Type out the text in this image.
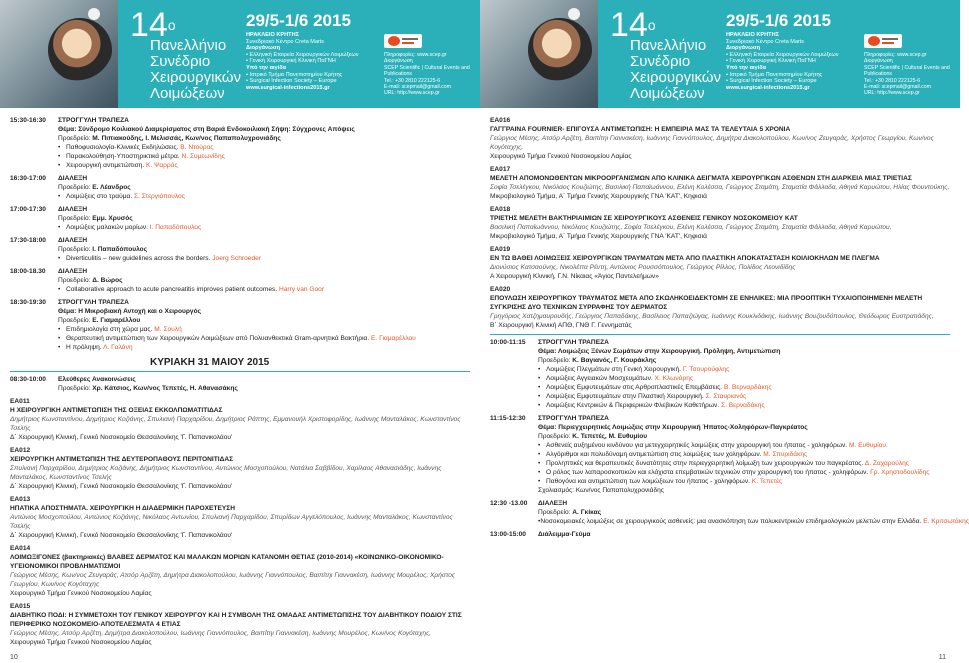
$14^o$
Πανελλήνιο
Συνέδριο
Χειρουργικών
Λοιμώξεων
29/5-1/6 2015
ΗΡΑΚΛΕΙΟ ΚΡΗΤΗΣ
Συνεδριακό Κέντρο Creta Maris
Διοργάνωση
• Ελληνική Εταιρεία Χειρουργικών Λοιμώξεων
• Γενική Χειρουργική Κλινική ΠαΓΝΗ
Υπό την αιγίδα
• Ιατρικό Τμήμα Πανεπιστημίου Κρήτης
• Surgical Infection Society – Europe
www.surgical-infections2015.gr
Πληροφορίες: www.scep.gr
Διοργάνωση
SCEP Scientific | Cultural Events and Publications
Tel.: +30 2810 222125-6
E-mail: scepmail@gmail.com
URL: http://www.scep.gr
15:30-16:30 ΣΤΡΟΓΓΥΛΗ ΤΡΑΠΕΖΑ
Θέμα: Σύνδρομο Κοιλιακού Διαμερίσματος στη Βαριά Ενδοκοιλιακή Σήψη: Σύγχρονες Απόψεις
Προεδρείο: Μ. Πιπιακούδης, Ι. Μελισσάς, Κων/νος Παπαπολυχρονιάδης
• Παθοφυσιολογία-Κλινικές Εκδηλώσεις. Β. Ντούρος
• Παρακολούθηση-Υποστηρικτικά μέτρα. Ν. Συμεωνίδης
• Χειρουργική αντιμετώπιση. Κ. Ψαρράς
16:30-17:00 ΔΙΑΛΕΞΗ
Προεδρείο: Ε. Λέανδρος
• Λοιμώξεις στο τραύμα. Σ. Στεργιόπουλος
17:00-17:30 ΔΙΑΛΕΞΗ
Προεδρείο: Εμμ. Χρυσός
• Λοιμώξεις μαλακών μορίων. Ι. Παπαδόπουλος
17:30-18:00 ΔΙΑΛΕΞΗ
Προεδρείο: Ι. Παπαδόπουλος
• Diverticulitis – new guidelines across the borders. Joerg Schroeder
18:00-18.30 ΔΙΑΛΕΞΗ
Προεδρείο: Δ. Βώρος
• Collaborative approach to acute pancreatitis improves patient outcomes. Harry van Goor
18:30-19:30 ΣΤΡΟΓΓΥΛΗ ΤΡΑΠΕΖΑ
Θέμα: Η Μικροβιακή Αντοχή και ο Χειρουργός
Προεδρείο: Ε. Γιαμαρέλλου
• Επιδημιολογία στη χώρα μας. Μ. Σουλή
• Θεραπευτική αντιμετώπιση των Χειρουργικών Λοιμώξεων από Πολυανθεκτικά Gram-αρνητικά Βακτήρια. Ε. Γιαμαρέλλου
• Η πρόληψη. Λ. Γαλάνη
ΚΥΡΙΑΚΗ 31 ΜΑΙΟΥ 2015
08:30-10:00 Ελεύθερες Ανακοινώσεις
Προεδρείο: Χρ. Κάτσιος, Κων/νος Τεπετές, Η. Αθανασάκης
ΕΑ011
Η ΧΕΙΡΟΥΡΓΙΚΗ ΑΝΤΙΜΕΤΩΠΙΣΗ ΤΗΣ ΟΞΕΙΑΣ ΕΚΚΟΛΠΩΜΑΤΙΤΙΔΑΣ
Δημήτριος Κωνσταντίνου, Δημήτριος Κοζιάνης, Σπυλιανή Παρχαρίδου, Δημήτριος Ράπτης, Εμμανουήλ Χριστοφορίδης, Ιωάννης Μανταλάκος, Κωνσταντίνος Τσελής
Δ΄ Χειρουργική Κλινική, Γενικό Νοσοκομείο Θεσσαλονίκης 'Γ. Παπανικολάου'
ΕΑ012
ΧΕΙΡΟΥΡΓΙΚΗ ΑΝΤΙΜΕΤΩΠΙΣΗ ΤΗΣ ΔΕΥΤΕΡΟΠΑΘΟΥΣ ΠΕΡΙΤΟΝΙΤΙΔΑΣ
Σπυλιανή Παρχαρίδου, Δημήτριος Κοζιάνης, Δημήτριος Κωνσταντίνου, Αντώνιος Μοσχοπούλου, Νατάλια Σαββίδου, Χαρίλαος Αθανασιάδης, Ιωάννης Μανταλάκος, Κωνσταντίνος Τσελής
Δ΄ Χειρουργική Κλινική, Γενικό Νοσοκομείο Θεσσαλονίκης 'Γ. Παπανικολάου'
ΕΑ013
ΗΠΑΤΙΚΑ ΑΠΟΣΤΗΜΑΤΑ. ΧΕΙΡΟΥΡΓΙΚΗ Η ΔΙΑΔΕΡΜΙΚΗ ΠΑΡΟΧΕΤΕΥΣΗ
Αντώνιος Μοσχοπούλου, Αντώνιος Κοζιάνης, Νικόλαος Αντωνίου, Σπυλιανή Παρχαρίδου, Σπυρίδων Αγγελόπουλος, Ιωάννης Μανταλάκος, Κωνσταντίνος Τσελής
Δ΄ Χειρουργική Κλινική, Γενικό Νοσοκομείο Θεσσαλονίκης 'Γ. Παπανικολάου'
ΕΑ014
ΛΟΙΜΩΞΙΓΟΝΕΣ (βακτηριακές) ΒΛΑΒΕΣ ΔΕΡΜΑΤΟΣ ΚΑΙ ΜΑΛΑΚΩΝ ΜΟΡΙΩΝ ΚΑΤΑΝΟΜΗ ΘΕΤΙΑΣ (2010-2014) «ΚΟΙΝΩΝΙΚΟ-ΟΙΚΟΝΟΜΙΚΟ-ΥΓΕΙΟΝΟΜΙΚΟΙ ΠΡΟΒΛΗΜΑΤΙΣΜΟΙ
Γεώργιος Μέσης, Κων/νος Ζευγαράς, Ατσόρ Αρζέτη, Δημήτρα Διακολοπούλου, Ιωάννης Γιαννόπουλος, Βαιπίτηι Γιαννακέση, Ιωάννης Μουρέλος, Χρήστος Γεωργίου, Κων/νος Κογόταχης
Χειρουργικό Τμήμα Γενικού Νοσοκομείου Λαμίας
ΕΑ015
ΔΙΑΒΗΤΙΚΟ ΠΟΔΙ: Η ΣΥΜΜΕΤΟΧΗ ΤΟΥ ΓΕΝΙΚΟΥ ΧΕΙΡΟΥΡΓΟΥ ΚΑΙ Η ΣΥΜΒΟΛΗ ΤΗΣ ΟΜΑΔΑΣ ΑΝΤΙΜΕΤΩΠΙΣΗΣ ΤΟΥ ΔΙΑΒΗΤΙΚΟΥ ΠΟΔΙΟΥ ΣΤΙΣ ΠΕΡΙΦΕΡΙΚΟ ΝΟΣΟΚΟΜΕΙΟ-ΑΠΟΤΕΛΕΣΜΑΤΑ 4 ΕΤΙΑΣ
Γεώργιος Μέσης, Ατσόρ Αρζέτη, Δημήτρα Διακολοπούλου, Ιωάννης Γιαννόπουλος, Βαιπίτηι Γιαννακέση, Ιωάννης Μουρέλος, Κων/νος Κογόταχης,
Χειρουργικό Τμήμα Γενικού Νοσοκομείου Λαμίας
10
$14^o$
Πανελλήνιο
Συνέδριο
Χειρουργικών
Λοιμώξεων
29/5-1/6 2015
ΗΡΑΚΛΕΙΟ ΚΡΗΤΗΣ
Συνεδριακό Κέντρο Creta Maris
Διοργάνωση
• Ελληνική Εταιρεία Χειρουργικών Λοιμώξεων
• Γενική Χειρουργική Κλινική ΠαΓΝΗ
Υπό την αιγίδα
• Ιατρικό Τμήμα Πανεπιστημίου Κρήτης
• Surgical Infection Society – Europe
www.surgical-infections2015.gr
Πληροφορίες: www.scep.gr
Διοργάνωση
SCEP Scientific | Cultural Events and Publications
Tel.: +30 2810 222125-6
E-mail: scepmail@gmail.com
URL: http://www.scep.gr
ΕΑ016
ΓΑΓΓΡΑΙΝΑ FOURNIER- ΕΠΙΓΟΥΣΑ ΑΝΤΙΜΕΤΩΠΙΣΗ: Η ΕΜΠΕΙΡΙΑ ΜΑΣ ΤΑ ΤΕΛΕΥΤΑΙΑ 5 ΧΡΟΝΙΑ
Γεώργιος Μέσης, Ατσόρ Αρζέτη, Βαιπίτηι Γιαννακέση, Ιωάννης Γιαννόπουλος, Δημήτρα Διακολοπούλου, Κων/νος Ζευγαράς, Χρήστος Γεωργίου, Κων/νος Κογόταχης,
Χειρουργικό Τμήμα Γενικού Νοσοκομείου Λαμίας
ΕΑ017
ΜΕΛΕΤΗ ΑΠΟΜΟΝΩΘΕΝΤΩΝ ΜΙΚΡΟΟΡΓΑΝΙΣΜΩΝ ΑΠΟ ΚΛΙΝΙΚΑ ΔΕΙΓΜΑΤΑ ΧΕΙΡΟΥΡΓΙΚΩΝ ΑΣΘΕΝΩΝ ΣΤΗ ΔΙΑΡΚΕΙΑ ΜΙΑΣ ΤΡΙΕΤΙΑΣ
Σοφία Τσελέγκου, Νικόλαος Κουζιώτης, Βασιλική Παπαϊωάννου, Ελένη Κολέσσα, Γεώργιος Σταμάτη, Σταματία Φάλλαδα, Αθηνά Καρυώτου, Ηλίας Φουντούκης,
Μικροβιολογικό Τμήμα, Α΄ Τμήμα Γενικής Χειρουργικής ΓΝΑ 'ΚΑΤ', Κηφισιά
ΕΑ018
ΤΡΙΕΤΗΣ ΜΕΛΕΤΗ ΒΑΚΤΗΡΙΑΙΜΙΩΝ ΣΕ ΧΕΙΡΟΥΡΓΙΚΟΥΣ ΑΣΘΕΝΕΙΣ ΓΕΝΙΚΟΥ ΝΟΣΟΚΟΜΕΙΟΥ ΚΑΤ
Βασιλική Παπαϊωάννου, Νικόλαος Κουζιώτης, Σοφία Τσελέγκου, Ελένη Κολέσσα, Γεώργιος Σταμάτη, Σταματία Φάλλαδα, Αθηνά Καρυώτου,
Μικροβιολογικό Τμήμα, Α΄ Τμήμα Γενικής Χειρουργικής ΓΝΑ 'ΚΑΤ', Κηφισιά
ΕΑ019
ΕΝ ΤΩ ΒΑΘΕΙ ΛΟΙΜΩΞΕΙΣ ΧΕΙΡΟΥΡΓΙΚΩΝ ΤΡΑΥΜΑΤΩΝ ΜΕΤΑ ΑΠΟ ΠΛΑΣΤΙΚΗ ΑΠΟΚΑΤΑΣΤΑΣΗ ΚΟΙΛΙΟΚΗΛΩΝ ΜΕ ΠΛΕΓΜΑ
Διονύσιος Κατσαούνης, Νικολέττα Ρέντη, Αντώνιος Ρουσσόπουλος, Γεώργιος Ρίλλος, Πολίδος Λεονιδίδης
Α Χειρουργική Κλινική, Γ.Ν. Νίκαιας «Άγιος Παντελεήμων»
ΕΑ020
ΕΠΟΥΛΩΣΗ ΧΕΙΡΟΥΡΓΙΚΟΥ ΤΡΑΥΜΑΤΟΣ ΜΕΤΑ ΑΠΟ ΣΚΩΛΗΚΟΕΙΔΕΚΤΟΜΗ ΣΕ ΕΝΗΛΙΚΕΣ: ΜΙΑ ΠΡΟΟΠΤΙΚΗ ΤΥΧΑΙΟΠΟΙΗΜΕΝΗ ΜΕΛΕΤΗ ΣΥΓΚΡΙΣΗΣ ΔΥΟ ΤΕΧΝΙΚΩΝ ΣΥΡΡΑΦΗΣ ΤΟΥ ΔΕΡΜΑΤΟΣ
Γρηγόριος Χατζημαυρουδής, Γεώργιος Παπαδάκης, Βασίλειος Παπαζιώγας, Ιωάννης Κουκλιδάκης, Ιωάννης Βουζουδόπουλος, Θεόδωρος Ευστρατιάδης,
Β΄ Χειρουργική Κλινική ΑΠΘ, ΓΝΘ Γ. Γεννηματάς
10:00-11:15 ΣΤΡΟΓΓΥΛΗ ΤΡΑΠΕΖΑ
Θέμα: Λοιμώξεις Ξένων Σωμάτων στην Χειρουργική. Πρόληψη, Αντιμετώπιση
Προεδρείο: Κ. Βαγιανός, Γ. Κουράκλης
• Λοιμώξεις Πλεγμάτων στη Γενική Χειρουργική. Γ. Τσουρούφλης
• Λοιμώξεις Αγγειακών Μοσχευμάτων. Χ. Κλωνάρης
• Λοιμώξεις Εμφυτευμάτων στις Αρθροπλαστικές Επεμβάσεις. Β. Βερναρδάκης
• Λοιμώξεις Εμφυτευμάτων στην Πλαστική Χειρουργική. Σ. Σταυριανός
• Λοιμώξεις Κεντρικών & Περιφερικών Φλεβικών Καθετήρων. Σ. Βερναδάκης
11:15-12:30 ΣΤΡΟΓΓΥΛΗ ΤΡΑΠΕΖΑ
Θέμα: Περιεγχειρητικές Λοιμώξεις στην Χειρουργική Ήπατος-Χοληφόρων-Παγκρέατος
Προεδρείο: Κ. Τεπετές, Μ. Ευθυμίου
• Ασθενείς αυξημένου κινδύνου για μετεγχειρητικές λοιμώξεις στην χειρουργική του ήπατος - χοληφόρων. Μ. Ευθυμίου.
• Αλγόριθμοι και πολυδύναμη αντιμετώπιση στις λοιμώξεις των χοληφόρων. Μ. Σπυριδάκης
• Προληπτικές και θεραπευτικές δυνατότητες στην περιεγχειρητική λοίμωξη των χειρουργικών του παγκρέατος. Δ. Ζαχαρούλης
• Ο ρόλος των λαπαροσκοπικών και ελάχιστα επεμβατικών τεχνικών στην χειρουργική του ήπατος - χοληφόρων. Γρ. Χρηστοδουλίδης
• Παθογόνα και αντιμετώπιση των λοιμώξεων του ήπατος - χοληφόρων. Κ. Τεπετές
Σχολιασμός: Κων/νος Παπαπολυχρονιάδης
12:30 -13.00 ΔΙΑΛΕΞΗ
Προεδρείο: Α. Γκίκας
• Νοσοκομειακές λοιμώξεις σε χειρουργικούς ασθενείς: μια ανασκόπηση των πολυκεντρικών επιδημιολογικών μελετών στην Ελλάδα. Ε. Κριτσωτάκης
13:00-15:00 Διάλειμμα-Γεύμα
11
